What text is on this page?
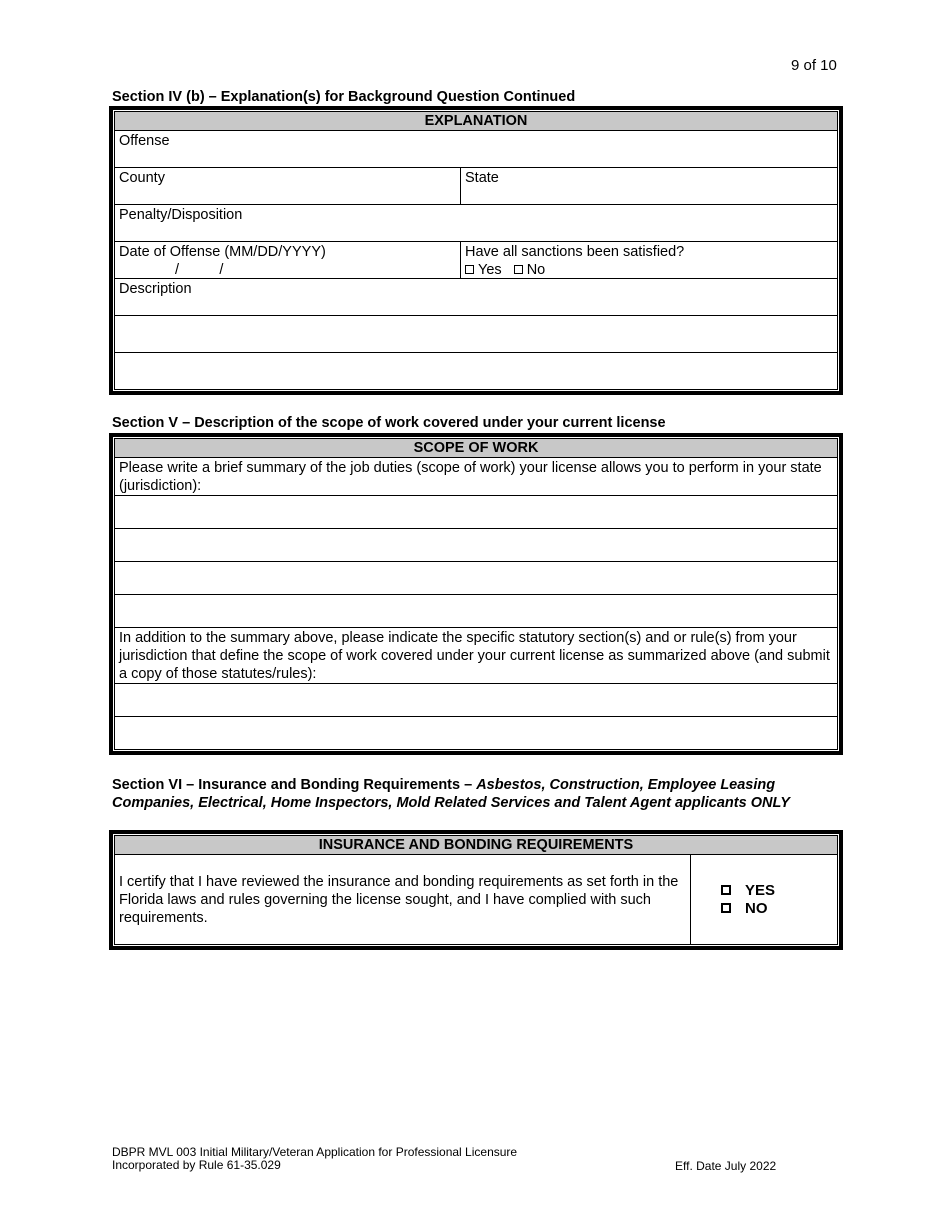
9 of 10
Section IV (b) – Explanation(s) for Background Question Continued
EXPLANATION
Offense
County	State
Penalty/Disposition
Date of Offense (MM/DD/YYYY)
/          /
Have all sanctions been satisfied?
Yes No
Description
Section V – Description of the scope of work covered under your current license
SCOPE OF WORK
Please write a brief summary of the job duties (scope of work) your license allows you to perform in your state (jurisdiction):
In addition to the summary above, please indicate the specific statutory section(s) and or rule(s) from your jurisdiction that define the scope of work covered under your current license as summarized above (and submit a copy of those statutes/rules):
Section VI – Insurance and Bonding Requirements – Asbestos, Construction, Employee Leasing Companies, Electrical, Home Inspectors, Mold Related Services and Talent Agent applicants ONLY
INSURANCE AND BONDING REQUIREMENTS
I certify that I have reviewed the insurance and bonding requirements as set forth in the Florida laws and rules governing the license sought, and I have complied with such requirements.
YES
NO
DBPR MVL 003 Initial Military/Veteran Application for Professional Licensure
Incorporated by Rule 61-35.029	Eff. Date July 2022
